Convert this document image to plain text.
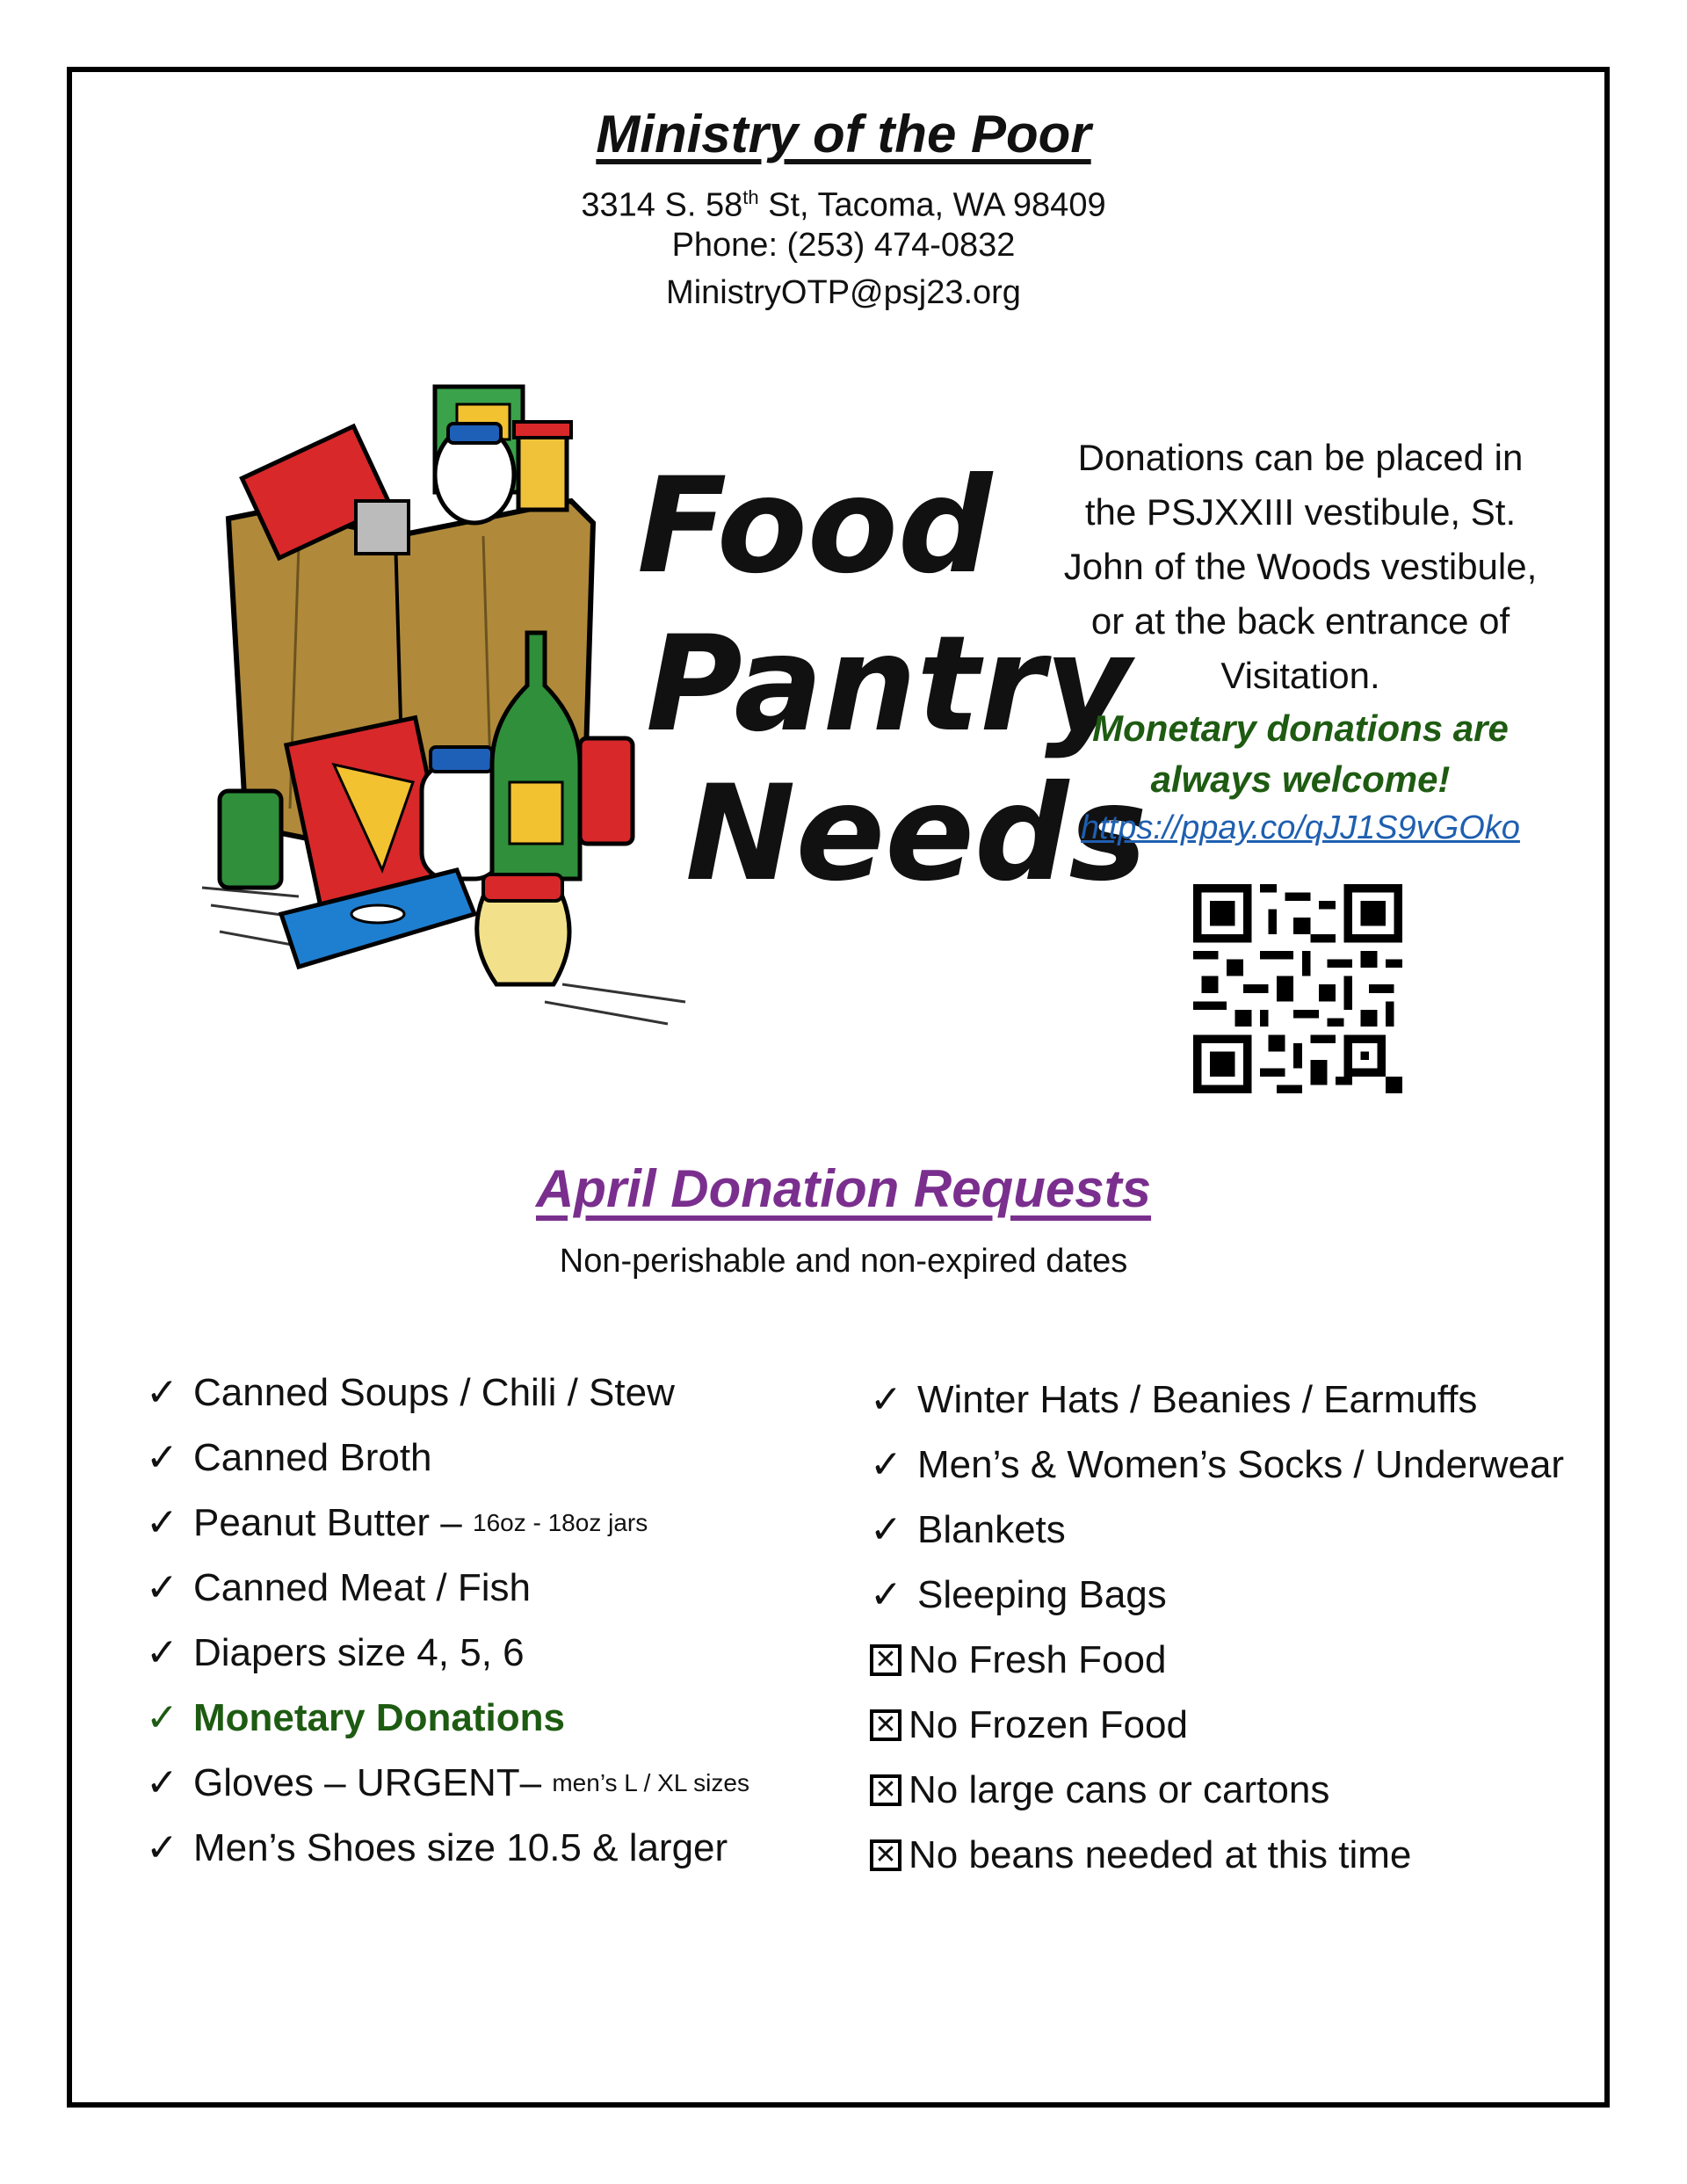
Ministry of the Poor
3314 S. 58th St, Tacoma, WA 98409
Phone: (253) 474-0832
MinistryOTP@psj23.org
Food
Pantry
Needs
Donations can be placed in
the PSJXXIII vestibule, St.
John of the Woods vestibule,
or at the back entrance of
Visitation.
Monetary donations are
always welcome!
https://ppay.co/qJJ1S9vGOko
April Donation Requests
Non-perishable and non-expired dates
✓ Canned Soups / Chili / Stew
✓ Canned Broth
✓ Peanut Butter –
16oz - 18oz jars
✓ Canned Meat / Fish
✓ Diapers size 4, 5, 6
✓ Monetary Donations
✓ Gloves – URGENT–
men’s L / XL sizes
✓ Men’s Shoes size 10.5 & larger
✓ Winter Hats / Beanies / Earmuffs
✓ Men’s & Women’s Socks / Underwear
✓ Blankets
✓ Sleeping Bags
✕ No Fresh Food
✕ No Frozen Food
✕ No large cans or cartons
✕ No beans needed at this time
